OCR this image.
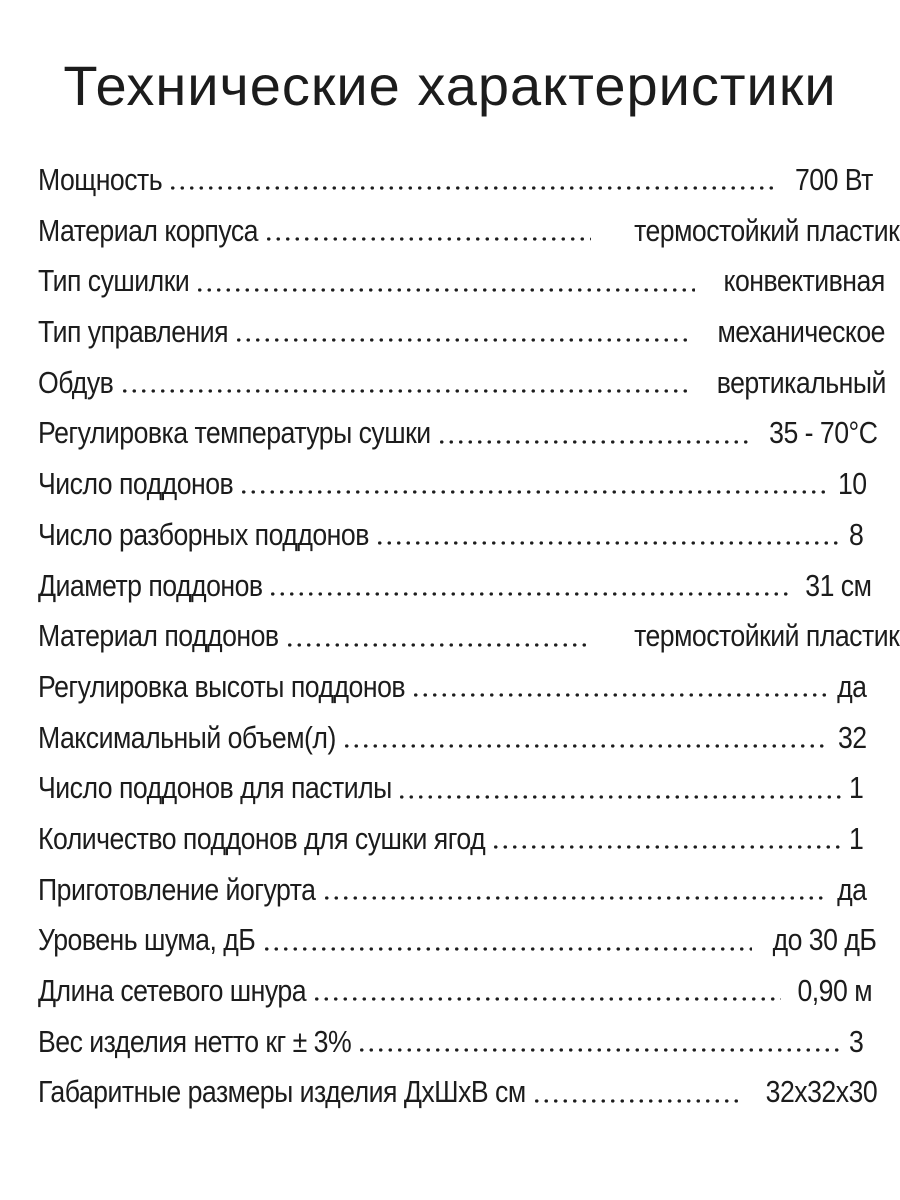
Технические характеристики
Мощность	700 Вт
Материал корпуса	термостойкий пластик
Тип сушилки	конвективная
Тип управления	механическое
Обдув	вертикальный
Регулировка температуры сушки	35 - 70°С
Число поддонов	10
Число разборных поддонов	8
Диаметр поддонов	31 см
Материал поддонов	термостойкий пластик
Регулировка высоты поддонов	да
Максимальный объем(л)	32
Число поддонов для пастилы	1
Количество поддонов для сушки ягод	1
Приготовление йогурта	да
Уровень шума, дБ	до 30 дБ
Длина сетевого шнура	0,90 м
Вес изделия нетто кг ± 3%	3
Габаритные размеры изделия ДхШхВ см	32х32х30
